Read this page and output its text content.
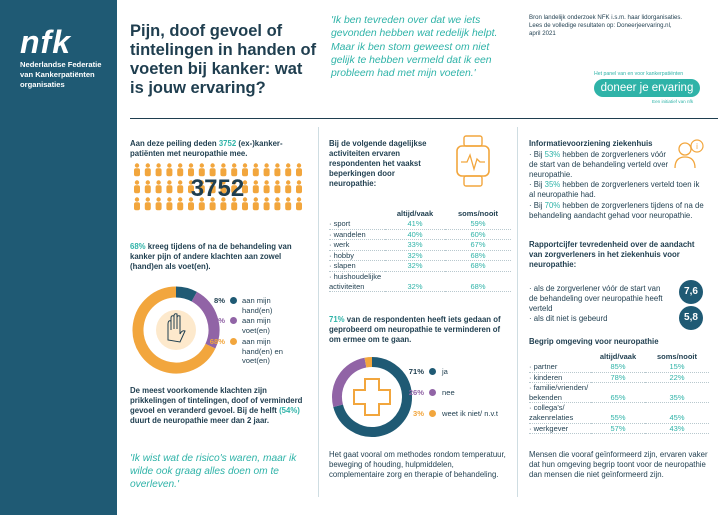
nfk
Nederlandse Federatie van Kankerpatiënten organisaties
Pijn, doof gevoel of tintelingen in handen of voeten bij kanker: wat is jouw ervaring?
'Ik ben tevreden over dat we iets gevonden hebben wat redelijk helpt. Maar ik ben stom geweest om niet gelijk te hebben vermeld dat ik een probleem had met mijn voeten.'
Bron landelijk onderzoek NFK i.s.m. haar lidorganisaties.
Lees de volledige resultaten op: Doneerjeervaring.nl,
april 2021
Het panel van en voor kankerpatiënten
doneer je ervaring
Een initiatief van nfk
Aan deze peiling deden 3752 (ex-)kanker-patiënten met neuropathie mee.
3752
68% kreeg tijdens of na de behandeling van kanker pijn of andere klachten aan zowel (hand)en als voet(en).
8% aan mijn hand(en)
24% aan mijn voet(en)
68% aan mijn hand(en) en voet(en)
De meest voorkomende klachten zijn prikkelingen of tintelingen, doof of verminderd gevoel en veranderd gevoel. Bij de helft (54%) duurt de neuropathie meer dan 2 jaar.
'Ik wist wat de risico's waren, maar ik wilde ook graag alles doen om te overleven.'
Bij de volgende dagelijkse activiteiten ervaren respondenten het vaakst beperkingen door neuropathie:
	altijd/vaak	soms/nooit
· sport	41%	59%
· wandelen	40%	60%
· werk	33%	67%
· hobby	32%	68%
· slapen	32%	68%
· huishoudelijke activiteiten	32%	68%
71% van de respondenten heeft iets gedaan of geprobeerd om neuropathie te verminderen of om ermee om te gaan.
71% ja
26% nee
3% weet ik niet/ n.v.t
Het gaat vooral om methodes rondom temperatuur, beweging of houding, hulpmiddelen, complementaire zorg en therapie of behandeling.
Informatievoorziening ziekenhuis	i
· Bij 53% hebben de zorgverleners vóór de start van de behandeling verteld over neuropathie.
· Bij 35% hebben de zorgverleners verteld toen ik al neuropathie had.
· Bij 70% hebben de zorgverleners tijdens of na de behandeling aandacht gehad voor neuropathie.
Rapportcijfer tevredenheid over de aandacht van zorgverleners in het ziekenhuis voor neuropathie:
· als de zorgverlener vóór de start van de behandeling over neuropathie heeft verteld
7,6
· als dit niet is gebeurd	5,8
Begrip omgeving voor neuropathie
	altijd/vaak	soms/nooit
· partner	85%	15%
· kinderen	78%	22%
· familie/vrienden/ bekenden	65%	35%
· collega's/ zakenrelaties	55%	45%
· werkgever	57%	43%
Mensen die vooraf geïnformeerd zijn, ervaren vaker dat hun omgeving begrip toont voor de neuropathie dan mensen die niet geïnformeerd zijn.
